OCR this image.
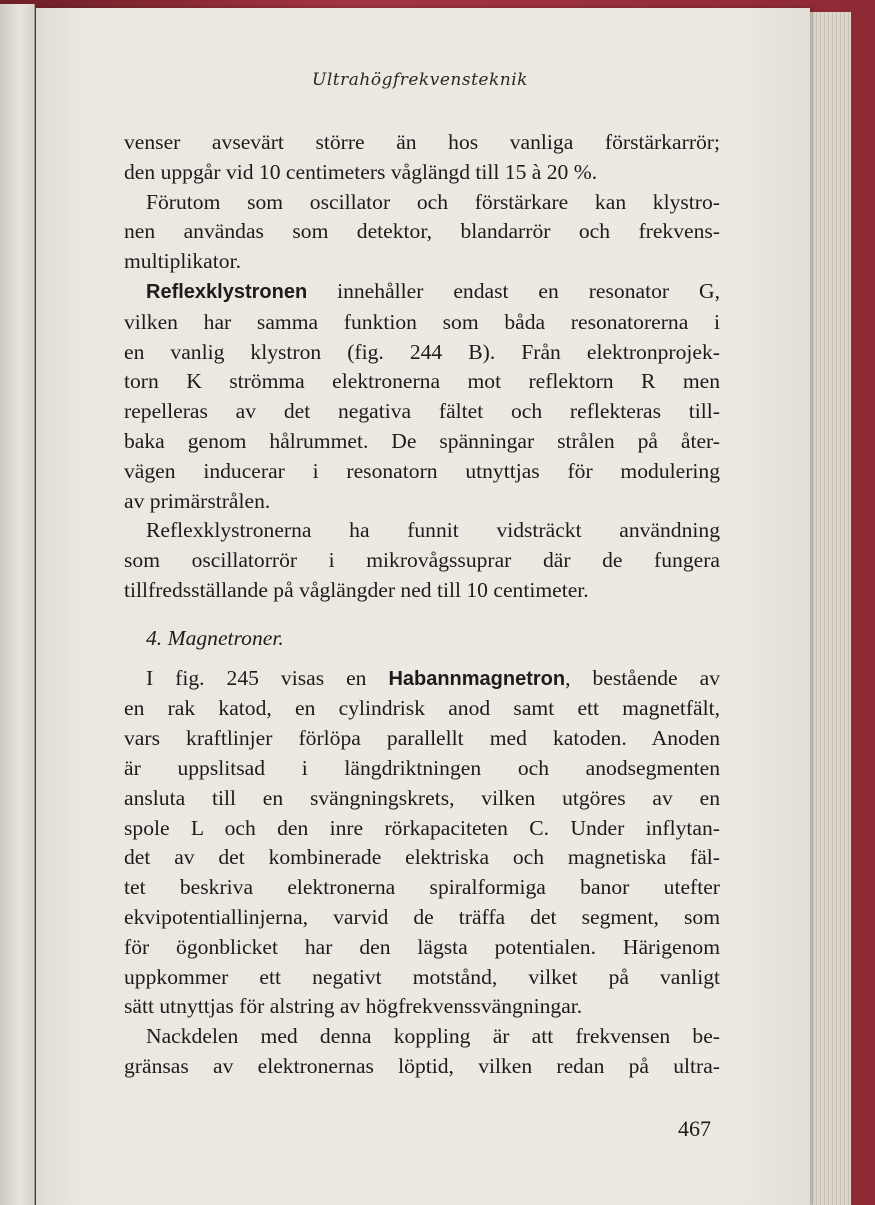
Ultrahögfrekvensteknik
venser avsevärt större än hos vanliga förstärkarrör;
den uppgår vid 10 centimeters våglängd till 15 à 20 %.
Förutom som oscillator och förstärkare kan klystro-
nen användas som detektor, blandarrör och frekvens-
multiplikator.
Reflexklystronen innehåller endast en resonator G,
vilken har samma funktion som båda resonatorerna i
en vanlig klystron (fig. 244 B). Från elektronprojek-
torn K strömma elektronerna mot reflektorn R men
repelleras av det negativa fältet och reflekteras till-
baka genom hålrummet. De spänningar strålen på åter-
vägen inducerar i resonatorn utnyttjas för modulering
av primärstrålen.
Reflexklystronerna ha funnit vidsträckt användning
som oscillatorrör i mikrovågssuprar där de fungera
tillfredsställande på våglängder ned till 10 centimeter.
4. Magnetroner.
I fig. 245 visas en Habannmagnetron, bestående av
en rak katod, en cylindrisk anod samt ett magnetfält,
vars kraftlinjer förlöpa parallellt med katoden. Anoden
är uppslitsad i längdriktningen och anodsegmenten
ansluta till en svängningskrets, vilken utgöres av en
spole L och den inre rörkapaciteten C. Under inflytan-
det av det kombinerade elektriska och magnetiska fäl-
tet beskriva elektronerna spiralformiga banor utefter
ekvipotentiallinjerna, varvid de träffa det segment, som
för ögonblicket har den lägsta potentialen. Härigenom
uppkommer ett negativt motstånd, vilket på vanligt
sätt utnyttjas för alstring av högfrekvenssvängningar.
Nackdelen med denna koppling är att frekvensen be-
gränsas av elektronernas löptid, vilken redan på ultra-
467
